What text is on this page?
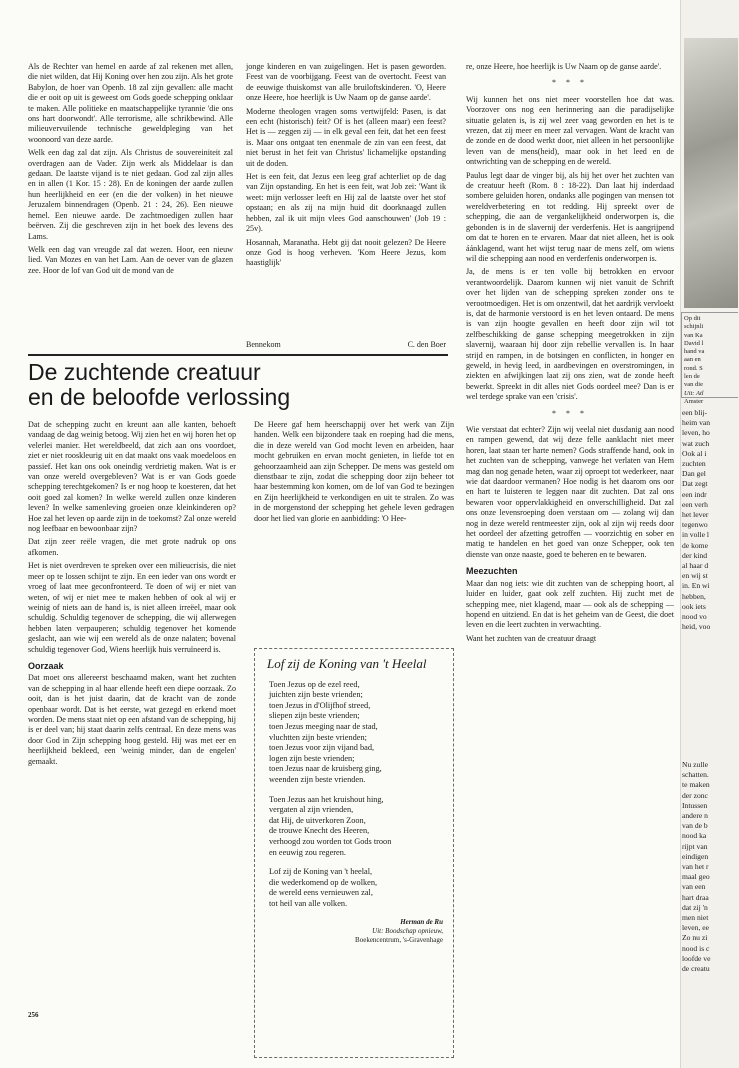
Als de Rechter van hemel en aarde af zal rekenen met allen, die niet wilden, dat Hij Koning over hen zou zijn. Als het grote Babylon, de hoer van Openb. 18 zal zijn gevallen: alle macht die er ooit op uit is geweest om Gods goede schepping onklaar te maken. Alle politieke en maatschappelijke tyrannie 'die ons ons hart doorwondt'. Alle terrorisme, alle schrikbewind. Alle milieuvervuilende technische geweldpleging van het woonoord van deze aarde.

Welk een dag zal dat zijn. Als Christus de souvereiniteit zal overdragen aan de Vader. Zijn werk als Middelaar is dan gedaan. De laatste vijand is te niet gedaan. God zal zijn alles en in allen (1 Kor. 15 : 28). En de koningen der aarde zullen hun heerlijkheid en eer (en die der volken) in het nieuwe Jeruzalem binnendragen (Openb. 21 : 24, 26). Een nieuwe hemel. Een nieuwe aarde. De zachtmoedigen zullen haar beërven. Zij die geschreven zijn in het boek des levens des Lams.

Welk een dag van vreugde zal dat wezen. Hoor, een nieuw lied. Van Mozes en van het Lam. Aan de oever van de glazen zee. Hoor de lof van God uit de mond van de

jonge kinderen en van zuigelingen. Het is pasen geworden. Feest van de voorbijgang. Feest van de overtocht. Feest van de eeuwige thuiskomst van alle bruiloftskinderen. 'O, Heere onze Heere, hoe heerlijk is Uw Naam op de ganse aarde'.

Moderne theologen vragen soms vertwijfeld: Pasen, is dat een echt (historisch) feit? Of is het (alleen maar) een feest? Het is — zeggen zij — in elk geval een feit, dat het een feest is. Maar ons ontgaat ten enenmale de zin van een feest, dat niet berust in het feit van Christus' lichamelijke opstanding uit de doden.

Het is een feit, dat Jezus een leeg graf achterliet op de dag van Zijn opstanding. En het is een feit, wat Job zei: 'Want ik weet: mijn verlosser leeft en Hij zal de laatste over het stof opstaan; en als zij na mijn huid dit doorknaagd zullen hebben, zal ik uit mijn vlees God aanschouwen' (Job 19 : 25v).

Hosannah, Maranatha. Hebt gij dat nooit gelezen? De Heere onze God is hoog verheven. 'Kom Heere Jezus, kom haastiglijk'

Bennekom	C. den Boer

re, onze Heere, hoe heerlijk is Uw Naam op de ganse aarde'.

* * *

Wij kunnen het ons niet meer voorstellen hoe dat was. Voorzover ons nog een herinnering aan die paradijselijke situatie gelaten is, is zij wel zeer vaag geworden en het is te vrezen, dat zij meer en meer zal vervagen. Want de kracht van de zonde en de dood werkt door, niet alleen in het persoonlijke leven van de mens(heid), maar ook in het leed en de ontwrichting van de schepping en de wereld.

Paulus legt daar de vinger bij, als hij het over het zuchten van de creatuur heeft (Rom. 8 : 18-22). Dan laat hij inderdaad sombere geluiden horen, ondanks alle pogingen van mensen tot wereldverbetering en tot redding. Hij spreekt over de schepping, die aan de vergankelijkheid onderworpen is, die gebonden is in de slavernij der verderfenis. Het is aangrijpend om dat te horen en te ervaren. Maar dat niet alleen, het is ook áánklagend, want het wijst terug naar de mens zelf, om wiens wil die schepping aan nood en verderfenis onderworpen is.

Ja, de mens is er ten volle bij betrokken en ervoor verantwoordelijk. Daarom kunnen wij niet vanuit de Schrift over het lijden van de schepping spreken zonder ons te verootmoedigen. Het is om onzentwil, dat het aardrijk vervloekt is, dat de harmonie verstoord is en het leven ontaard. De mens is van zijn hoogte gevallen en heeft door zijn wil tot zelfbeschikking de ganse schepping meegetrokken in zijn slavernij, waaraan hij door zijn rebellie vervallen is. In haar strijd en rampen, in de botsingen en conflicten, in honger en geweld, in hevig leed, in aardbevingen en overstromingen, in ziekten en afwijkingen laat zij ons zien, wat de zonde heeft bewerkt. Spreekt in dit alles niet Gods oordeel mee? Dan is er wel terdege sprake van een 'crisis'.

* * *

Wie verstaat dat echter? Zijn wij veelal niet dusdanig aan nood en rampen gewend, dat wij deze felle aanklacht niet meer horen, laat staan ter harte nemen? Gods straffende hand, ook in het zuchten van de schepping, vanwege het verlaten van Hem mag dan nog genade heten, waar zij oproept tot wederkeer, naar wie dat daardoor vermanen? Hoe nodig is het daarom ons oor en hart te luisteren te leggen naar dit zuchten. Dat zal ons bewaren voor oppervlakkigheid en onverschilligheid. Dat zal ons onze levensroeping doen verstaan om — zolang wij dan nog in deze wereld rentmeester zijn, ook al zijn wij reeds door het oordeel der afzetting getroffen — voorzichtig en sober en matig te handelen en het goed van onze Schepper, ook ten dienste van onze naaste, goed te beheren en te bewaren.

Meezuchten

Maar dan nog iets: wie dit zuchten van de schepping hoort, al luider en luider, gaat ook zelf zuchten. Hij zucht met de schepping mee, niet klagend, maar — ook als de schepping — hopend en uitziend. En dat is het geheim van de Geest, die doet leven en die leert zuchten in verwachting.

Want het zuchten van de creatuur draagt

De zuchtende creatuur
en de beloofde verlossing

Dat de schepping zucht en kreunt aan alle kanten, behoeft vandaag de dag weinig betoog. Wij zien het en wij horen het op velerlei manier. Het wereldbeeld, dat zich aan ons voordoet, ziet er niet rooskleurig uit en dat maakt ons vaak moedeloos en passief. Het kan ons ook oneindig verdrietig maken. Wat is er van onze wereld overgebleven? Wat is er van Gods goede schepping terechtgekomen? Is er nog hoop te koesteren, dat het ooit goed zal komen? In welke wereld zullen onze kinderen leven? In welke samenleving groeien onze kleinkinderen op? Hoe zal het leven op aarde zijn in de toekomst? Zal onze wereld nog leefbaar en bewoonbaar zijn?

Dat zijn zeer reële vragen, die met grote nadruk op ons afkomen.

Het is niet overdreven te spreken over een milieucrisis, die niet meer op te lossen schijnt te zijn. En een ieder van ons wordt er vroeg of laat mee geconfronteerd. Te doen of wij er niet van weten, of wij er niet mee te maken hebben of ook al wij er weinig of niets aan de hand is, is niet alleen irreëel, maar ook schuldig. Schuldig tegenover de schepping, die wij allerwegen hebben laten verpauperen; schuldig tegenover het komende geslacht, aan wie wij een wereld als de onze nalaten; bovenal schuldig tegenover God, Wiens heerlijk huis verruïneerd is.

Oorzaak

Dat moet ons allereerst beschaamd maken, want het zuchten van de schepping in al haar ellende heeft een diepe oorzaak. Zo ooit, dan is het juist daarin, dat de kracht van de zonde openbaar wordt. Dat is het eerste, wat gezegd en erkend moet worden. De mens staat niet op een afstand van de schepping, hij is er deel van; hij staat daarin zelfs centraal. En deze mens was door God in Zijn schepping hoog gesteld. Hij was met eer en heerlijkheid bekleed, een 'weinig minder, dan de engelen' gemaakt.

De Heere gaf hem heerschappij over het werk van Zijn handen. Welk een bijzondere taak en roeping had die mens, die in deze wereld van God mocht leven en arbeiden, haar mocht gebruiken en ervan mocht genieten, in liefde tot en gehoorzaamheid aan zijn Schepper. De mens was gesteld om dienstbaar te zijn, zodat die schepping door zijn beheer tot haar bestemming kon komen, om de lof van God te bezingen en Zijn heerlijkheid te verkondigen en uit te stralen. Zo was in de morgenstond der schepping het gehele leven gedragen door het lied van glorie en aanbidding: 'O Hee-

Lof zij de Koning van 't Heelal
Toen Jezus op de ezel reed,
juichten zijn beste vrienden;
toen Jezus in d'Olijfhof streed,
sliepen zijn beste vrienden;
toen Jezus meeging naar de stad,
vluchtten zijn beste vrienden;
toen Jezus voor zijn vijand bad,
logen zijn beste vrienden;
toen Jezus naar de kruisberg ging,
weenden zijn beste vrienden.
Toen Jezus aan het kruishout hing,
vergaten al zijn vrienden,
dat Hij, de uitverkoren Zoon,
de trouwe Knecht des Heeren,
verhoogd zou worden tot Gods troon
en eeuwig zou regeren.
Lof zij de Koning van 't heelal,
die wederkomend op de wolken,
de wereld eens vernieuwen zal,
tot heil van alle volken.
Herman de Ru
Uit: Boodschap opnieuw,
Boekencentrum, 's-Gravenhage
256
Op dit
schijnli
van Ka
David l
hand va
aan en
rond. S
len de
van die
Uit: Atl
Amster
een blij-
heim van
leven, ho
wat zuch
Ook al i
zuchten
Dan gel
Dat zegt
een indr
een verh
het lever
tegenwo
in volle l
de kome
der kind
al haar d
en wij st
in. En wi
hebben,
ook iets
nood vo
heid, voo
Nu zulle
schatten.
te maken
der zonc
Intussen
andere n
van de b
nood ka
rijpt van
eindigen
van het r
maal geo
van een
hart draa
dat zij 'n
men niet
leven, ee
Zo nu zi
nood is c
loofde ve
de creatu
